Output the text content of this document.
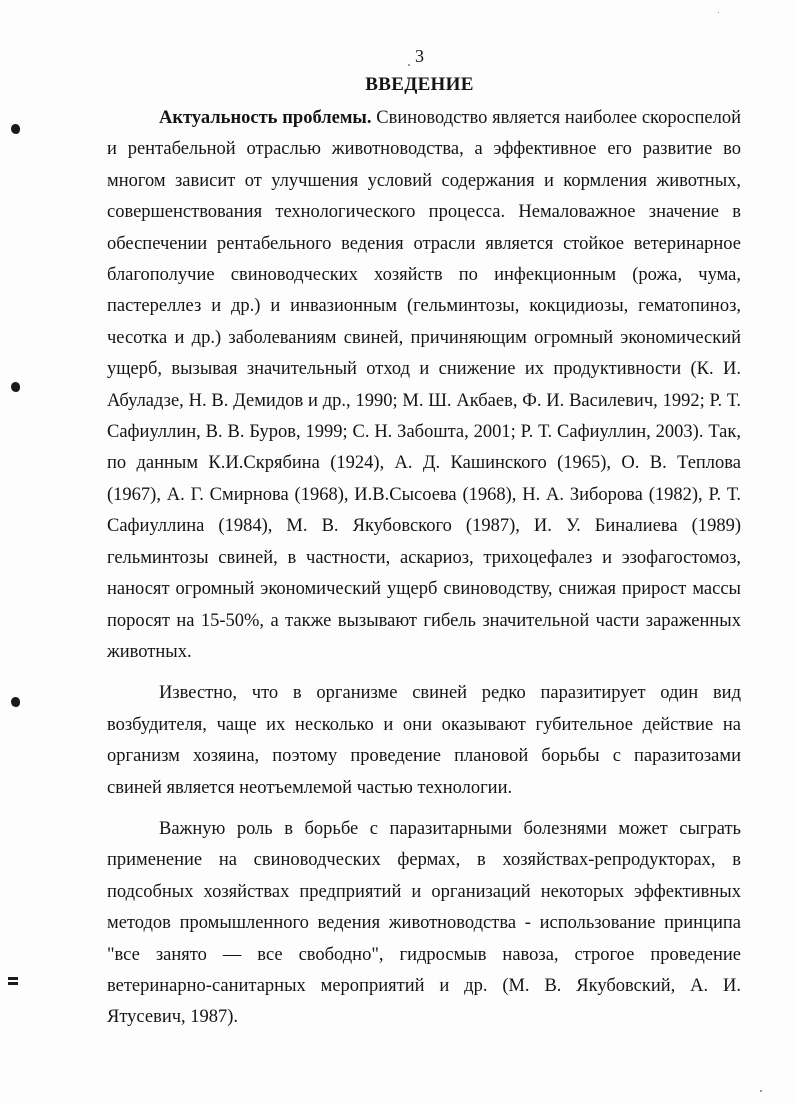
3
ВВЕДЕНИЕ

Актуальность проблемы. Свиноводство является наиболее скороспелой и рентабельной отраслью животноводства, а эффективное его развитие во многом зависит от улучшения условий содержания и кормления животных, совершенствования технологического процесса. Немаловажное значение в обеспечении рентабельного ведения отрасли является стойкое ветеринарное благополучие свиноводческих хозяйств по инфекционным (рожа, чума, пастереллез и др.) и инвазионным (гельминтозы, кокцидиозы, гематопиноз, чесотка и др.) заболеваниям свиней, причиняющим огромный экономический ущерб, вызывая значительный отход и снижение их продуктивности (К. И. Абуладзе, Н. В. Демидов и др., 1990; М. Ш. Акбаев, Ф. И. Василевич, 1992; Р. Т. Сафиуллин, В. В. Буров, 1999; С. Н. Забошта, 2001; Р. Т. Сафиуллин, 2003). Так, по данным К.И.Скрябина (1924), А. Д. Кашинского (1965), О. В. Теплова (1967), А. Г. Смирнова (1968), И.В.Сысоева (1968), Н. А. Зиборова (1982), Р. Т. Сафиуллина (1984), М. В. Якубовского (1987), И. У. Биналиева (1989) гельминтозы свиней, в частности, аскариоз, трихоцефалез и эзофагостомоз, наносят огромный экономический ущерб свиноводству, снижая прирост массы поросят на 15-50%, а также вызывают гибель значительной части зараженных животных.

Известно, что в организме свиней редко паразитирует один вид возбудителя, чаще их несколько и они оказывают губительное действие на организм хозяина, поэтому проведение плановой борьбы с паразитозами свиней является неотъемлемой частью технологии.

Важную роль в борьбе с паразитарными болезнями может сыграть применение на свиноводческих фермах, в хозяйствах-репродукторах, в подсобных хозяйствах предприятий и организаций некоторых эффективных методов промышленного ведения животноводства - использование принципа "все занято — все свободно", гидросмыв навоза, строгое проведение ветеринарно-санитарных мероприятий и др. (М. В. Якубовский, А. И. Ятусевич, 1987).
